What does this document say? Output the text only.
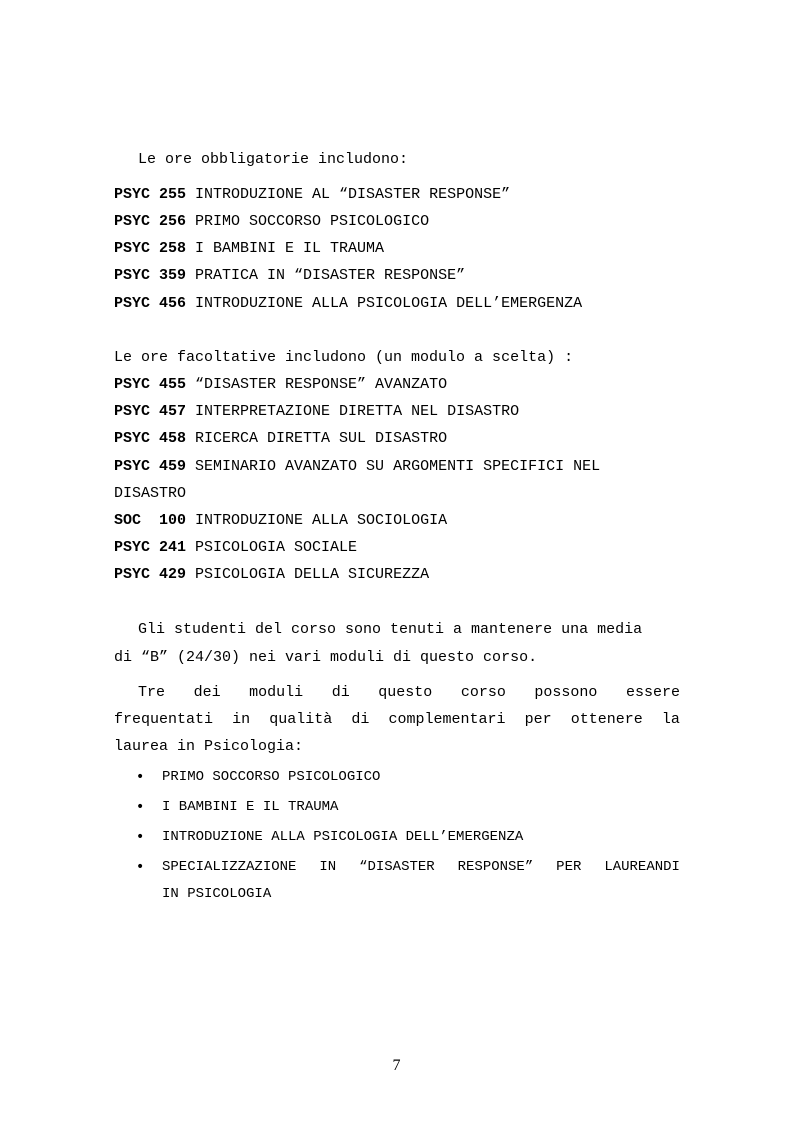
Le ore obbligatorie includono:
PSYC 255 INTRODUZIONE AL “DISASTER RESPONSE”
PSYC 256 PRIMO SOCCORSO PSICOLOGICO
PSYC 258 I BAMBINI E IL TRAUMA
PSYC 359 PRATICA IN “DISASTER RESPONSE”
PSYC 456 INTRODUZIONE ALLA PSICOLOGIA DELL’EMERGENZA
Le ore facoltative includono (un modulo a scelta) :
PSYC 455 “DISASTER RESPONSE” AVANZATO
PSYC 457 INTERPRETAZIONE DIRETTA NEL DISASTRO
PSYC 458 RICERCA DIRETTA SUL DISASTRO
PSYC 459 SEMINARIO AVANZATO SU ARGOMENTI SPECIFICI NEL
DISASTRO
SOC  100 INTRODUZIONE ALLA SOCIOLOGIA
PSYC 241 PSICOLOGIA SOCIALE
PSYC 429 PSICOLOGIA DELLA SICUREZZA
Gli studenti del corso sono tenuti a mantenere una media
di “B” (24/30) nei vari moduli di questo corso.
Tre dei moduli di questo corso possono essere
frequentati in qualità di complementari per ottenere la
laurea in Psicologia:
• PRIMO SOCCORSO PSICOLOGICO
• I BAMBINI E IL TRAUMA
• INTRODUZIONE ALLA PSICOLOGIA DELL’EMERGENZA
• SPECIALIZZAZIONE IN “DISASTER RESPONSE” PER LAUREANDI
IN PSICOLOGIA
7
